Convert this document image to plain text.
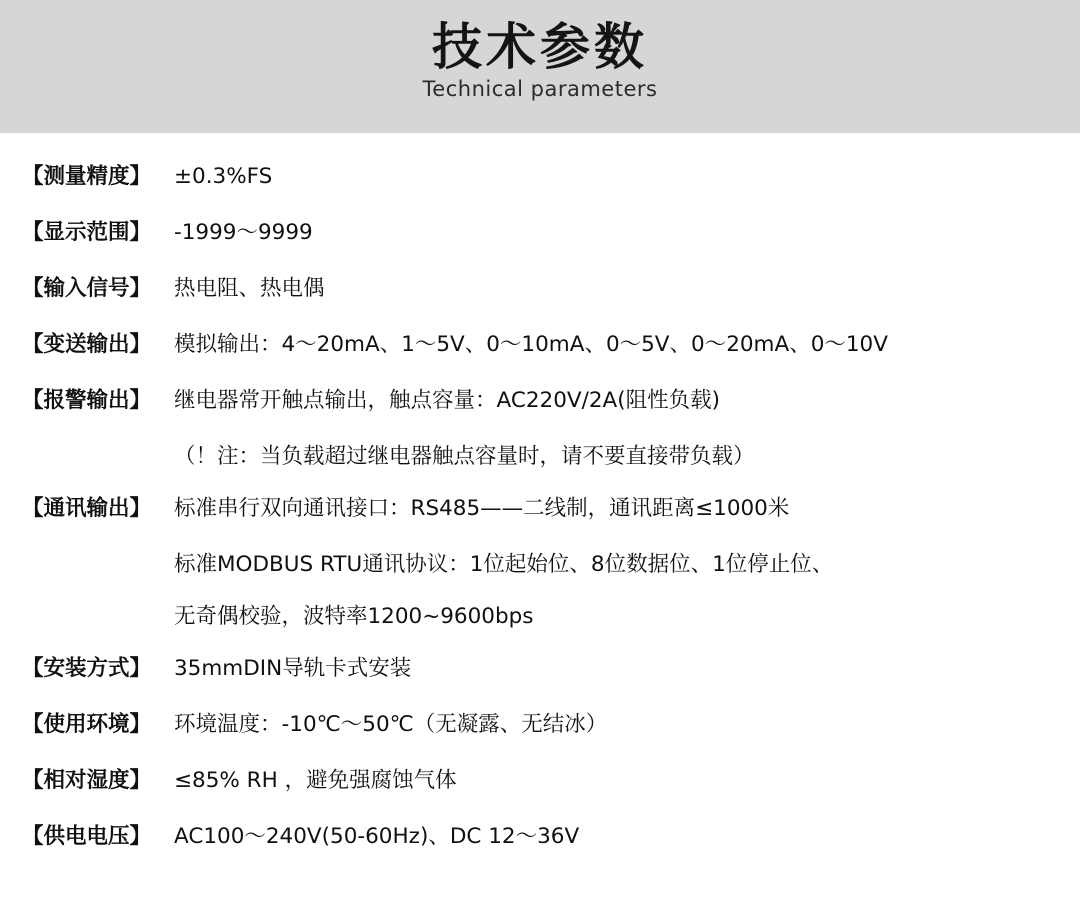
技术参数
Technical parameters
【测量精度】	±0.3%FS
【显示范围】	-1999～9999
【输入信号】	热电阻、热电偶
【变送输出】	模拟输出：4～20mA、1～5V、0～10mA、0～5V、0～20mA、0～10V
【报警输出】	继电器常开触点输出，触点容量：AC220V/2A(阻性负载)
（！注：当负载超过继电器触点容量时，请不要直接带负载）
【通讯输出】	标准串行双向通讯接口：RS485——二线制，通讯距离≤1000米
标准MODBUS RTU通讯协议：1位起始位、8位数据位、1位停止位、
无奇偶校验，波特率1200~9600bps
【安装方式】	35mmDIN导轨卡式安装
【使用环境】	环境温度：-10℃～50℃（无凝露、无结冰）
【相对湿度】	≤85% RH ，避免强腐蚀气体
【供电电压】	AC100～240V(50-60Hz)、DC 12～36V
